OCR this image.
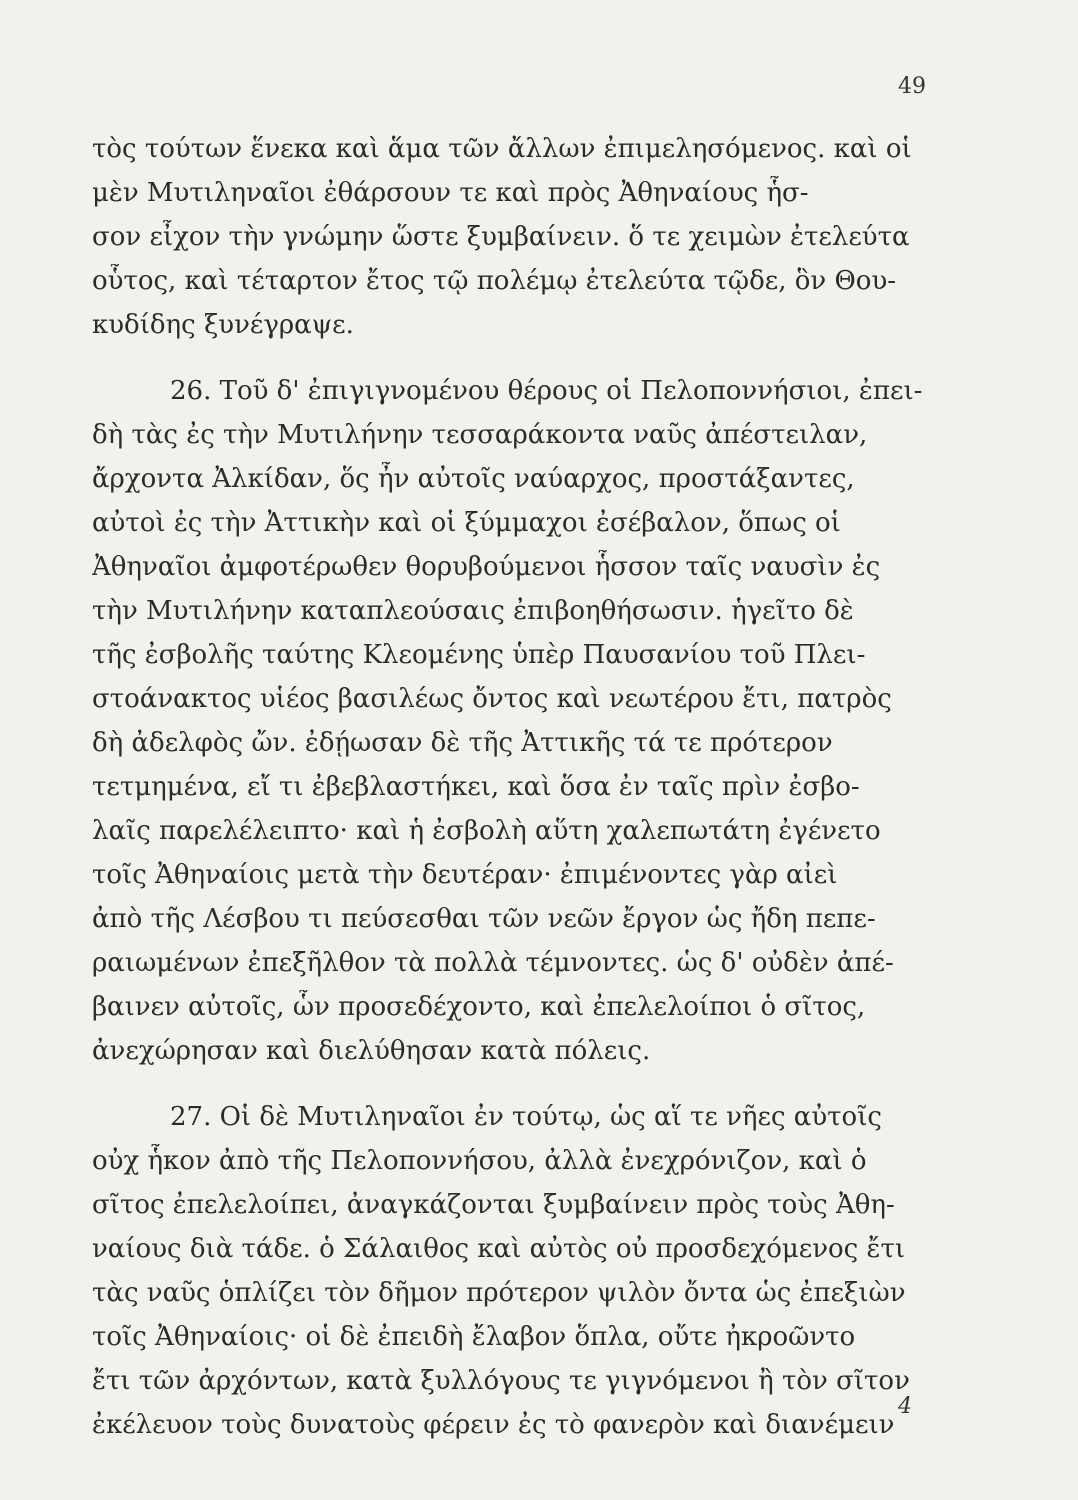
49
τὸς τούτων ἕνεκα καὶ ἅμα τῶν ἄλλων ἐπιμελησόμενος. καὶ οἱ
μὲν Μυτιληναῖοι ἐθάρσουν τε καὶ πρὸς Ἀθηναίους ἧσ-
σον εἶχον τὴν γνώμην ὥστε ξυμβαίνειν. ὅ τε χειμὼν ἐτελεύτα
οὗτος, καὶ τέταρτον ἔτος τῷ πολέμῳ ἐτελεύτα τῷδε, ὃν Θου-
κυδίδης ξυνέγραψε.
26. Τοῦ δ' ἐπιγιγνομένου θέρους οἱ Πελοποννήσιοι, ἐπει-
δὴ τὰς ἐς τὴν Μυτιλήνην τεσσαράκοντα ναῦς ἀπέστειλαν,
ἄρχοντα Ἀλκίδαν, ὅς ἦν αὐτοῖς ναύαρχος, προστάξαντες,
αὐτοὶ ἐς τὴν Ἀττικὴν καὶ οἱ ξύμμαχοι ἐσέβαλον, ὅπως οἱ
Ἀθηναῖοι ἀμφοτέρωθεν θορυβούμενοι ἧσσον ταῖς ναυσὶν ἐς
τὴν Μυτιλήνην καταπλεούσαις ἐπιβοηθήσωσιν. ἡγεῖτο δὲ
τῆς ἐσβολῆς ταύτης Κλεομένης ὑπὲρ Παυσανίου τοῦ Πλει-
στοάνακτος υἱέος βασιλέως ὄντος καὶ νεωτέρου ἔτι, πατρὸς
δὴ ἀδελφὸς ὤν. ἐδῄωσαν δὲ τῆς Ἀττικῆς τά τε πρότερον
τετμημένα, εἴ τι ἐβεβλαστήκει, καὶ ὅσα ἐν ταῖς πρὶν ἐσβο-
λαῖς παρελέλειπτο· καὶ ἡ ἐσβολὴ αὕτη χαλεπωτάτη ἐγένετο
τοῖς Ἀθηναίοις μετὰ τὴν δευτέραν· ἐπιμένοντες γὰρ αἰεὶ
ἀπὸ τῆς Λέσβου τι πεύσεσθαι τῶν νεῶν ἔργον ὡς ἤδη πεπε-
ραιωμένων ἐπεξῆλθον τὰ πολλὰ τέμνοντες. ὡς δ' οὐδὲν ἀπέ-
βαινεν αὐτοῖς, ὧν προσεδέχοντο, καὶ ἐπελελοίποι ὁ σῖτος,
ἀνεχώρησαν καὶ διελύθησαν κατὰ πόλεις.
27. Οἱ δὲ Μυτιληναῖοι ἐν τούτῳ, ὡς αἵ τε νῆες αὐτοῖς
οὐχ ἧκον ἀπὸ τῆς Πελοποννήσου, ἀλλὰ ἐνεχρόνιζον, καὶ ὁ
σῖτος ἐπελελοίπει, ἀναγκάζονται ξυμβαίνειν πρὸς τοὺς Ἀθη-
ναίους διὰ τάδε. ὁ Σάλαιθος καὶ αὐτὸς οὐ προσδεχόμενος ἔτι
τὰς ναῦς ὁπλίζει τὸν δῆμον πρότερον ψιλὸν ὄντα ὡς ἐπεξιὼν
τοῖς Ἀθηναίοις· οἱ δὲ ἐπειδὴ ἔλαβον ὅπλα, οὔτε ἠκροῶντο
ἔτι τῶν ἀρχόντων, κατὰ ξυλλόγους τε γιγνόμενοι ἢ τὸν σῖτον
ἐκέλευον τοὺς δυνατοὺς φέρειν ἐς τὸ φανερὸν καὶ διανέμειν
4
